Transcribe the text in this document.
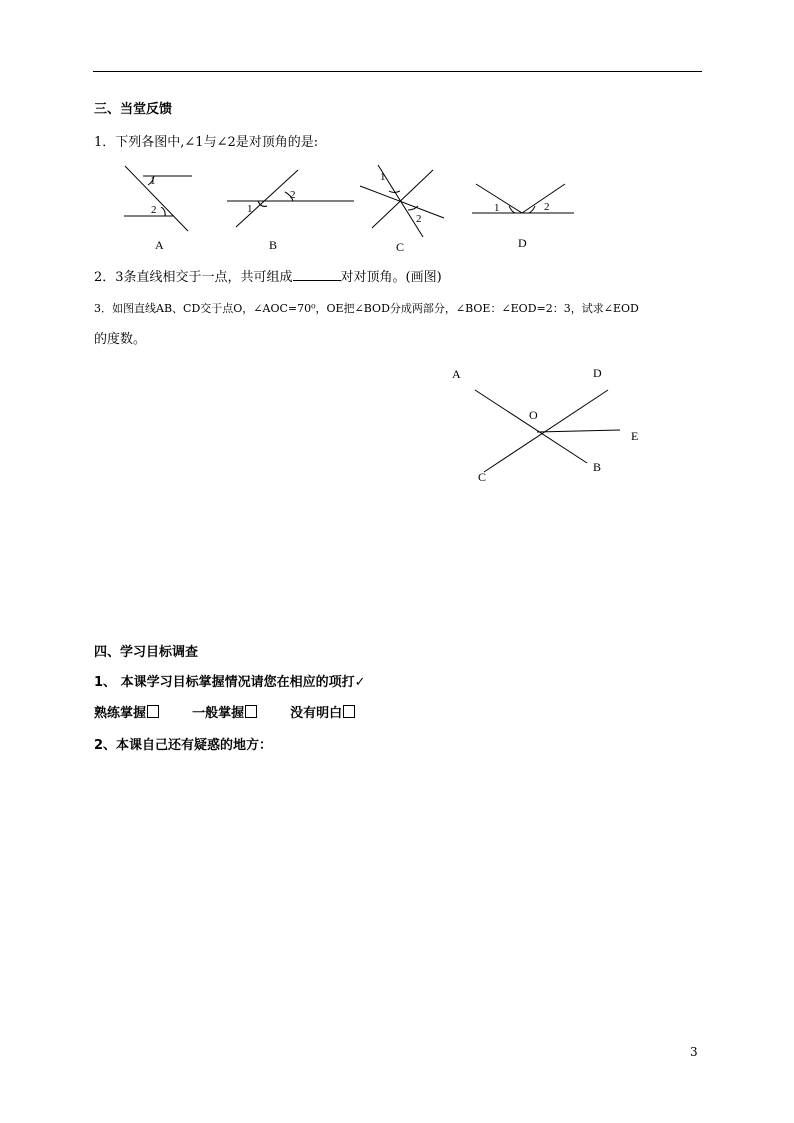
三、当堂反馈
1．下列各图中,∠1与∠2是对顶角的是:
1
2
A
1
2
B
1
2
C
1	2
D
2．3条直线相交于一点，共可组成	对对顶角。(画图)
3．如图直线AB、CD交于点O，∠AOC=70⁰，OE把∠BOD分成两部分，∠BOE：∠EOD=2：3，试求∠EOD
的度数。
A	D
O
E
B
C
四、学习目标调查
1、 本课学习目标掌握情况请您在相应的项打✓
熟练掌握	一般掌握	没有明白
2、本课自己还有疑惑的地方：
3
